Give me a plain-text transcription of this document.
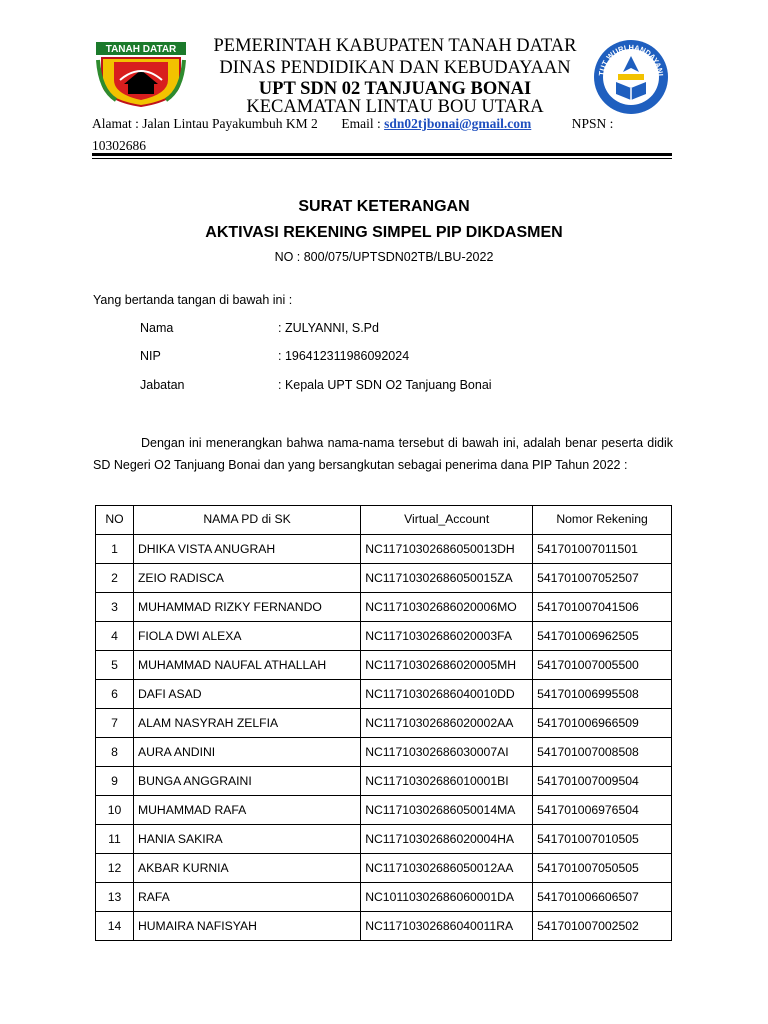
TANAH DATAR
TUT WURI HANDAYANI
PEMERINTAH KABUPATEN TANAH DATAR
DINAS PENDIDIKAN DAN KEBUDAYAAN
UPT SDN 02 TANJUANG BONAI
KECAMATAN LINTAU BOU UTARA
Alamat : Jalan Lintau Payakumbuh KM 2 Email : sdn02tjbonai@gmail.com	NPSN :
10302686
SURAT KETERANGAN
AKTIVASI REKENING SIMPEL PIP DIKDASMEN
NO : 800/075/UPTSDN02TB/LBU-2022
Yang bertanda tangan di bawah ini :
Nama	: ZULYANNI, S.Pd
NIP	: 196412311986092024
Jabatan	: Kepala UPT SDN O2 Tanjuang Bonai
Dengan ini menerangkan bahwa nama-nama tersebut di bawah ini, adalah benar peserta didik SD Negeri O2 Tanjuang Bonai dan yang bersangkutan sebagai penerima dana PIP Tahun 2022 :
NO	NAMA PD di SK	Virtual_Account	Nomor Rekening
1	DHIKA VISTA ANUGRAH	NC11710302686050013DH	541701007011501
2	ZEIO RADISCA	NC11710302686050015ZA	541701007052507
3	MUHAMMAD RIZKY FERNANDO	NC11710302686020006MO	541701007041506
4	FIOLA DWI ALEXA	NC11710302686020003FA	541701006962505
5	MUHAMMAD NAUFAL ATHALLAH	NC11710302686020005MH	541701007005500
6	DAFI ASAD	NC11710302686040010DD	541701006995508
7	ALAM NASYRAH ZELFIA	NC11710302686020002AA	541701006966509
8	AURA ANDINI	NC11710302686030007AI	541701007008508
9	BUNGA ANGGRAINI	NC11710302686010001BI	541701007009504
10	MUHAMMAD RAFA	NC11710302686050014MA	541701006976504
11	HANIA SAKIRA	NC11710302686020004HA	541701007010505
12	AKBAR KURNIA	NC11710302686050012AA	541701007050505
13	RAFA	NC10110302686060001DA	541701006606507
14	HUMAIRA NAFISYAH	NC11710302686040011RA	541701007002502
